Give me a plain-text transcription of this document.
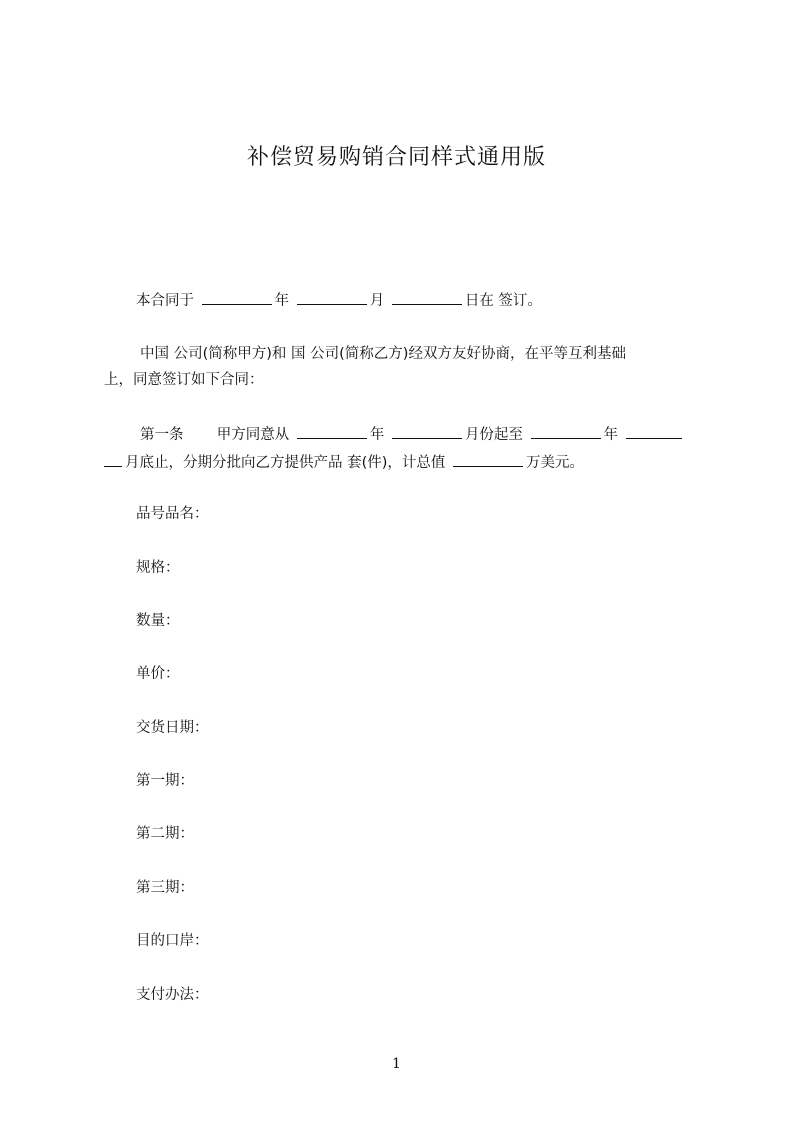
补偿贸易购销合同样式通用版
本合同于	年	月	日在 签订。
中国 公司(简称甲方)和 国 公司(简称乙方)经双方友好协商，在平等互利基础
上，同意签订如下合同：
第一条 甲方同意从	年	月份起至	年
月底止，分期分批向乙方提供产品 套(件)，计总值	万美元。
品号品名：
规格：
数量：
单价：
交货日期：
第一期：
第二期：
第三期：
目的口岸：
支付办法：
1
